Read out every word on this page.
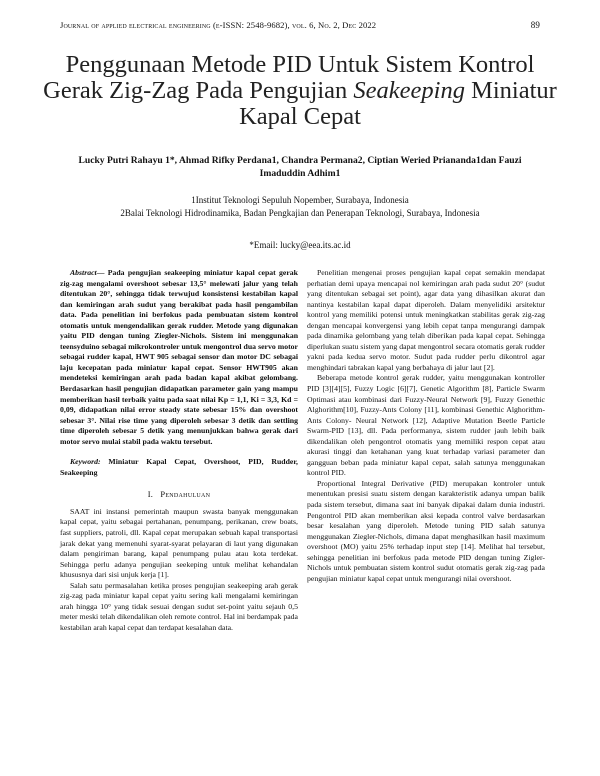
Journal of applied electrical engineering (e-ISSN: 2548-9682), vol. 6, No. 2, Dec 2022	89
Penggunaan Metode PID Untuk Sistem Kontrol
Gerak Zig-Zag Pada Pengujian Seakeeping Miniatur
Kapal Cepat
Lucky Putri Rahayu 1*, Ahmad Rifky Perdana1, Chandra Permana2, Ciptian Weried Priananda1dan Fauzi
Imaduddin Adhim1
1Institut Teknologi Sepuluh Nopember, Surabaya, Indonesia
2Balai Teknologi Hidrodinamika, Badan Pengkajian dan Penerapan Teknologi, Surabaya, Indonesia
*Email: lucky@eea.its.ac.id

Abstract— Pada pengujian seakeeping miniatur kapal cepat gerak zig-zag mengalami overshoot sebesar 13,5° melewati jalur yang telah ditentukan 20°, sehingga tidak terwujud konsistensi kestabilan kapal dan kemiringan arah sudut yang berakibat pada hasil pengambilan data. Pada penelitian ini berfokus pada pembuatan sistem kontrol otomatis untuk mengendalikan gerak rudder. Metode yang digunakan yaitu PID dengan tuning Ziegler-Nichols. Sistem ini menggunakan teensyduino sebagai mikrokontroler untuk mengontrol dua servo motor sebagai rudder kapal, HWT 905 sebagai sensor dan motor DC sebagai laju kecepatan pada miniatur kapal cepat. Sensor HWT905 akan mendeteksi kemiringan arah pada badan kapal akibat gelombang. Berdasarkan hasil pengujian didapatkan parameter gain yang mampu memberikan hasil terbaik yaitu pada saat nilai Kp = 1,1, Ki = 3,3, Kd = 0,09, didapatkan nilai error steady state sebesar 15% dan overshoot sebesar 3°. Nilai rise time yang diperoleh sebesar 3 detik dan settling time diperoleh sebesar 5 detik yang menunjukkan bahwa gerak dari motor servo mulai stabil pada waktu tersebut.

Keyword: Miniatur Kapal Cepat, Overshoot, PID, Rudder, Seakeeping

I. Pendahuluan

SAAT ini instansi pemerintah maupun swasta banyak menggunakan kapal cepat, yaitu sebagai pertahanan, penumpang, perikanan, crew boats, fast suppliers, patroli, dll. Kapal cepat merupakan sebuah kapal transportasi jarak dekat yang memenuhi syarat-syarat pelayaran di laut yang digunakan dalam pengiriman barang, kapal penumpang pulau atau kota terdekat. Sehingga perlu adanya pengujian seekeping untuk melihat kehandalan khususnya dari sisi unjuk kerja [1].

Salah satu permasalahan ketika proses pengujian seakeeping arah gerak zig-zag pada miniatur kapal cepat yaitu sering kali mengalami kemiringan arah hingga 10° yang tidak sesuai dengan sudut set-point yaitu sejauh 0,5 meter meski telah dikendalikan oleh remote control. Hal ini berdampak pada kestabilan arah kapal cepat dan terdapat kesalahan data.

Penelitian mengenai proses pengujian kapal cepat semakin mendapat perhatian demi upaya mencapai nol kemiringan arah pada sudut 20° (sudut yang ditentukan sebagai set point), agar data yang dihasilkan akurat dan nantinya kestabilan kapal dapat diperoleh. Dalam menyelidiki arsitektur kontrol yang memiliki potensi untuk meningkatkan stabilitas gerak zig-zag dengan mencapai konvergensi yang lebih cepat tanpa mengurangi dampak pada dinamika gelombang yang telah diberikan pada kapal cepat. Sehingga diperlukan suatu sistem yang dapat mengontrol secara otomatis gerak rudder yakni pada kedua servo motor. Sudut pada rudder perlu dikontrol agar menghindari tabrakan kapal yang berbahaya di jalur laut [2].

Beberapa metode kontrol gerak rudder, yaitu menggunakan kontroller PID [3][4][5], Fuzzy Logic [6][7], Genetic Algorithm [8], Particle Swarm Optimasi atau kombinasi dari Fuzzy-Neural Network [9], Fuzzy Genethic Alghorithm[10], Fuzzy-Ants Colony [11], kombinasi Genethic Alghorithm-Ants Colony- Neural Network [12], Adaptive Mutation Beetle Particle Swarm-PID [13], dll. Pada performanya, sistem rudder jauh lebih baik dikendalikan oleh pengontrol otomatis yang memiliki respon cepat atau akurasi tinggi dan ketahanan yang kuat terhadap variasi parameter dan gangguan beban pada miniatur kapal cepat, salah satunya menggunakan kontrol PID.

Proportional Integral Derivative (PID) merupakan kontroler untuk menentukan presisi suatu sistem dengan karakteristik adanya umpan balik pada sistem tersebut, dimana saat ini banyak dipakai dalam dunia industri. Pengontrol PID akan memberikan aksi kepada control valve berdasarkan besar kesalahan yang diperoleh. Metode tuning PID salah satunya menggunakan Ziegler-Nichols, dimana dapat menghasilkan hasil maximum overshoot (MO) yaitu 25% terhadap input step [14]. Melihat hal tersebut, sehingga penelitian ini berfokus pada metode PID dengan tuning Zigler-Nichols untuk pembuatan sistem kontrol sudut otomatis gerak zig-zag pada pengujian miniatur kapal cepat untuk mengurangi nilai overshoot.
